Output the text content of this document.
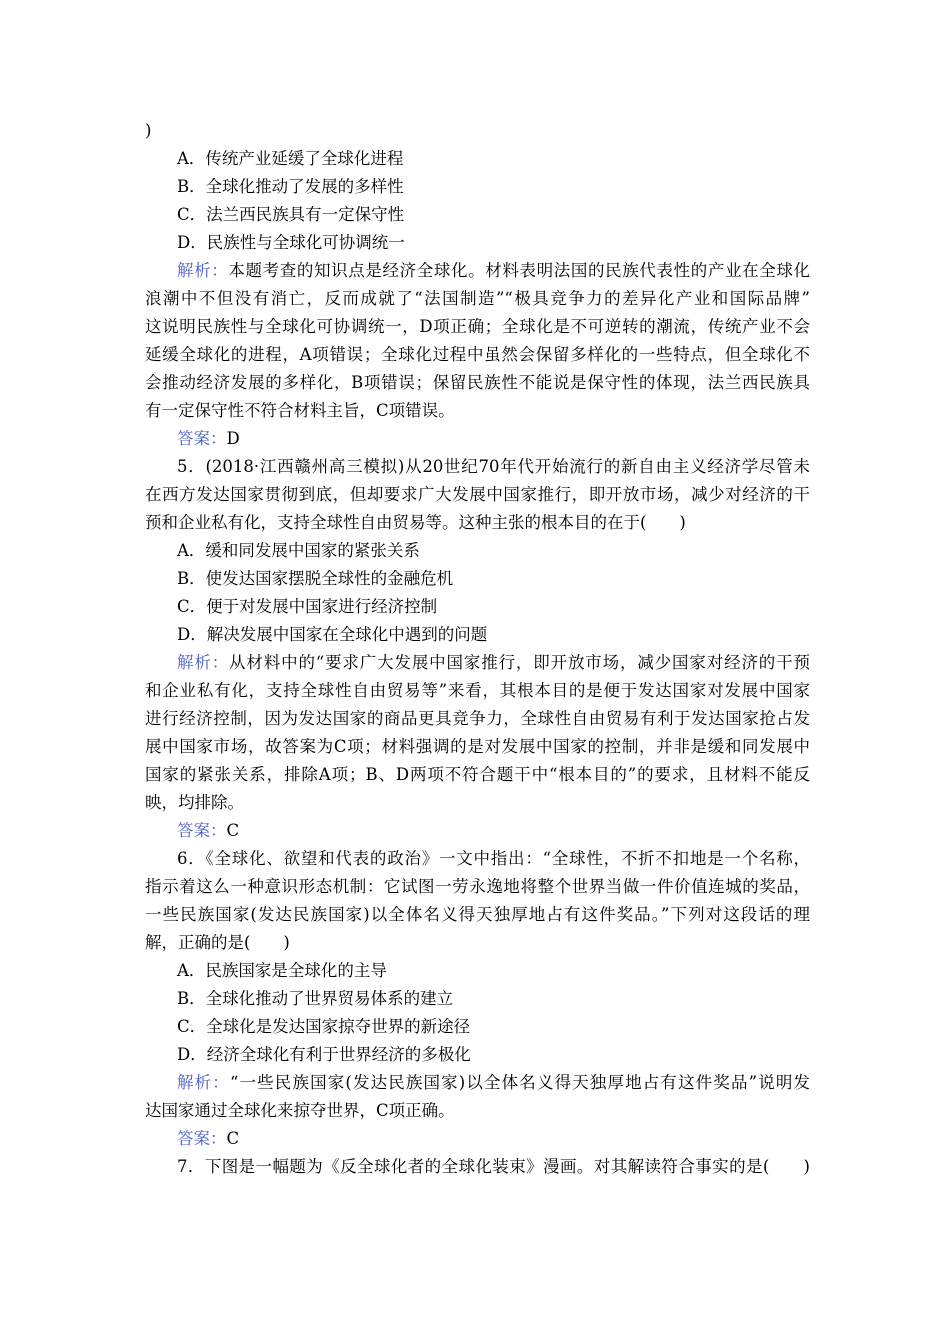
)
A．传统产业延缓了全球化进程
B．全球化推动了发展的多样性
C．法兰西民族具有一定保守性
D．民族性与全球化可协调统一
解析：本题考查的知识点是经济全球化。材料表明法国的民族代表性的产业在全球化
浪潮中不但没有消亡，反而成就了“法国制造”“极具竞争力的差异化产业和国际品牌”
这说明民族性与全球化可协调统一，D项正确；全球化是不可逆转的潮流，传统产业不会
延缓全球化的进程，A项错误；全球化过程中虽然会保留多样化的一些特点，但全球化不
会推动经济发展的多样化，B项错误；保留民族性不能说是保守性的体现，法兰西民族具
有一定保守性不符合材料主旨，C项错误。
答案：D
5．(2018·江西赣州高三模拟)从20世纪70年代开始流行的新自由主义经济学尽管未
在西方发达国家贯彻到底，但却要求广大发展中国家推行，即开放市场，减少对经济的干
预和企业私有化，支持全球性自由贸易等。这种主张的根本目的在于(　　)
A．缓和同发展中国家的紧张关系
B．使发达国家摆脱全球性的金融危机
C．便于对发展中国家进行经济控制
D．解决发展中国家在全球化中遇到的问题
解析：从材料中的“要求广大发展中国家推行，即开放市场，减少国家对经济的干预
和企业私有化，支持全球性自由贸易等”来看，其根本目的是便于发达国家对发展中国家
进行经济控制，因为发达国家的商品更具竞争力，全球性自由贸易有利于发达国家抢占发
展中国家市场，故答案为C项；材料强调的是对发展中国家的控制，并非是缓和同发展中
国家的紧张关系，排除A项；B、D两项不符合题干中“根本目的”的要求，且材料不能反
映，均排除。
答案：C
6．《全球化、欲望和代表的政治》一文中指出：“全球性，不折不扣地是一个名称，
指示着这么一种意识形态机制：它试图一劳永逸地将整个世界当做一件价值连城的奖品，
一些民族国家(发达民族国家)以全体名义得天独厚地占有这件奖品。”下列对这段话的理
解，正确的是(　　)
A．民族国家是全球化的主导
B．全球化推动了世界贸易体系的建立
C．全球化是发达国家掠夺世界的新途径
D．经济全球化有利于世界经济的多极化
解析：“一些民族国家(发达民族国家)以全体名义得天独厚地占有这件奖品”说明发
达国家通过全球化来掠夺世界，C项正确。
答案：C
7．下图是一幅题为《反全球化者的全球化装束》漫画。对其解读符合事实的是(　　)
